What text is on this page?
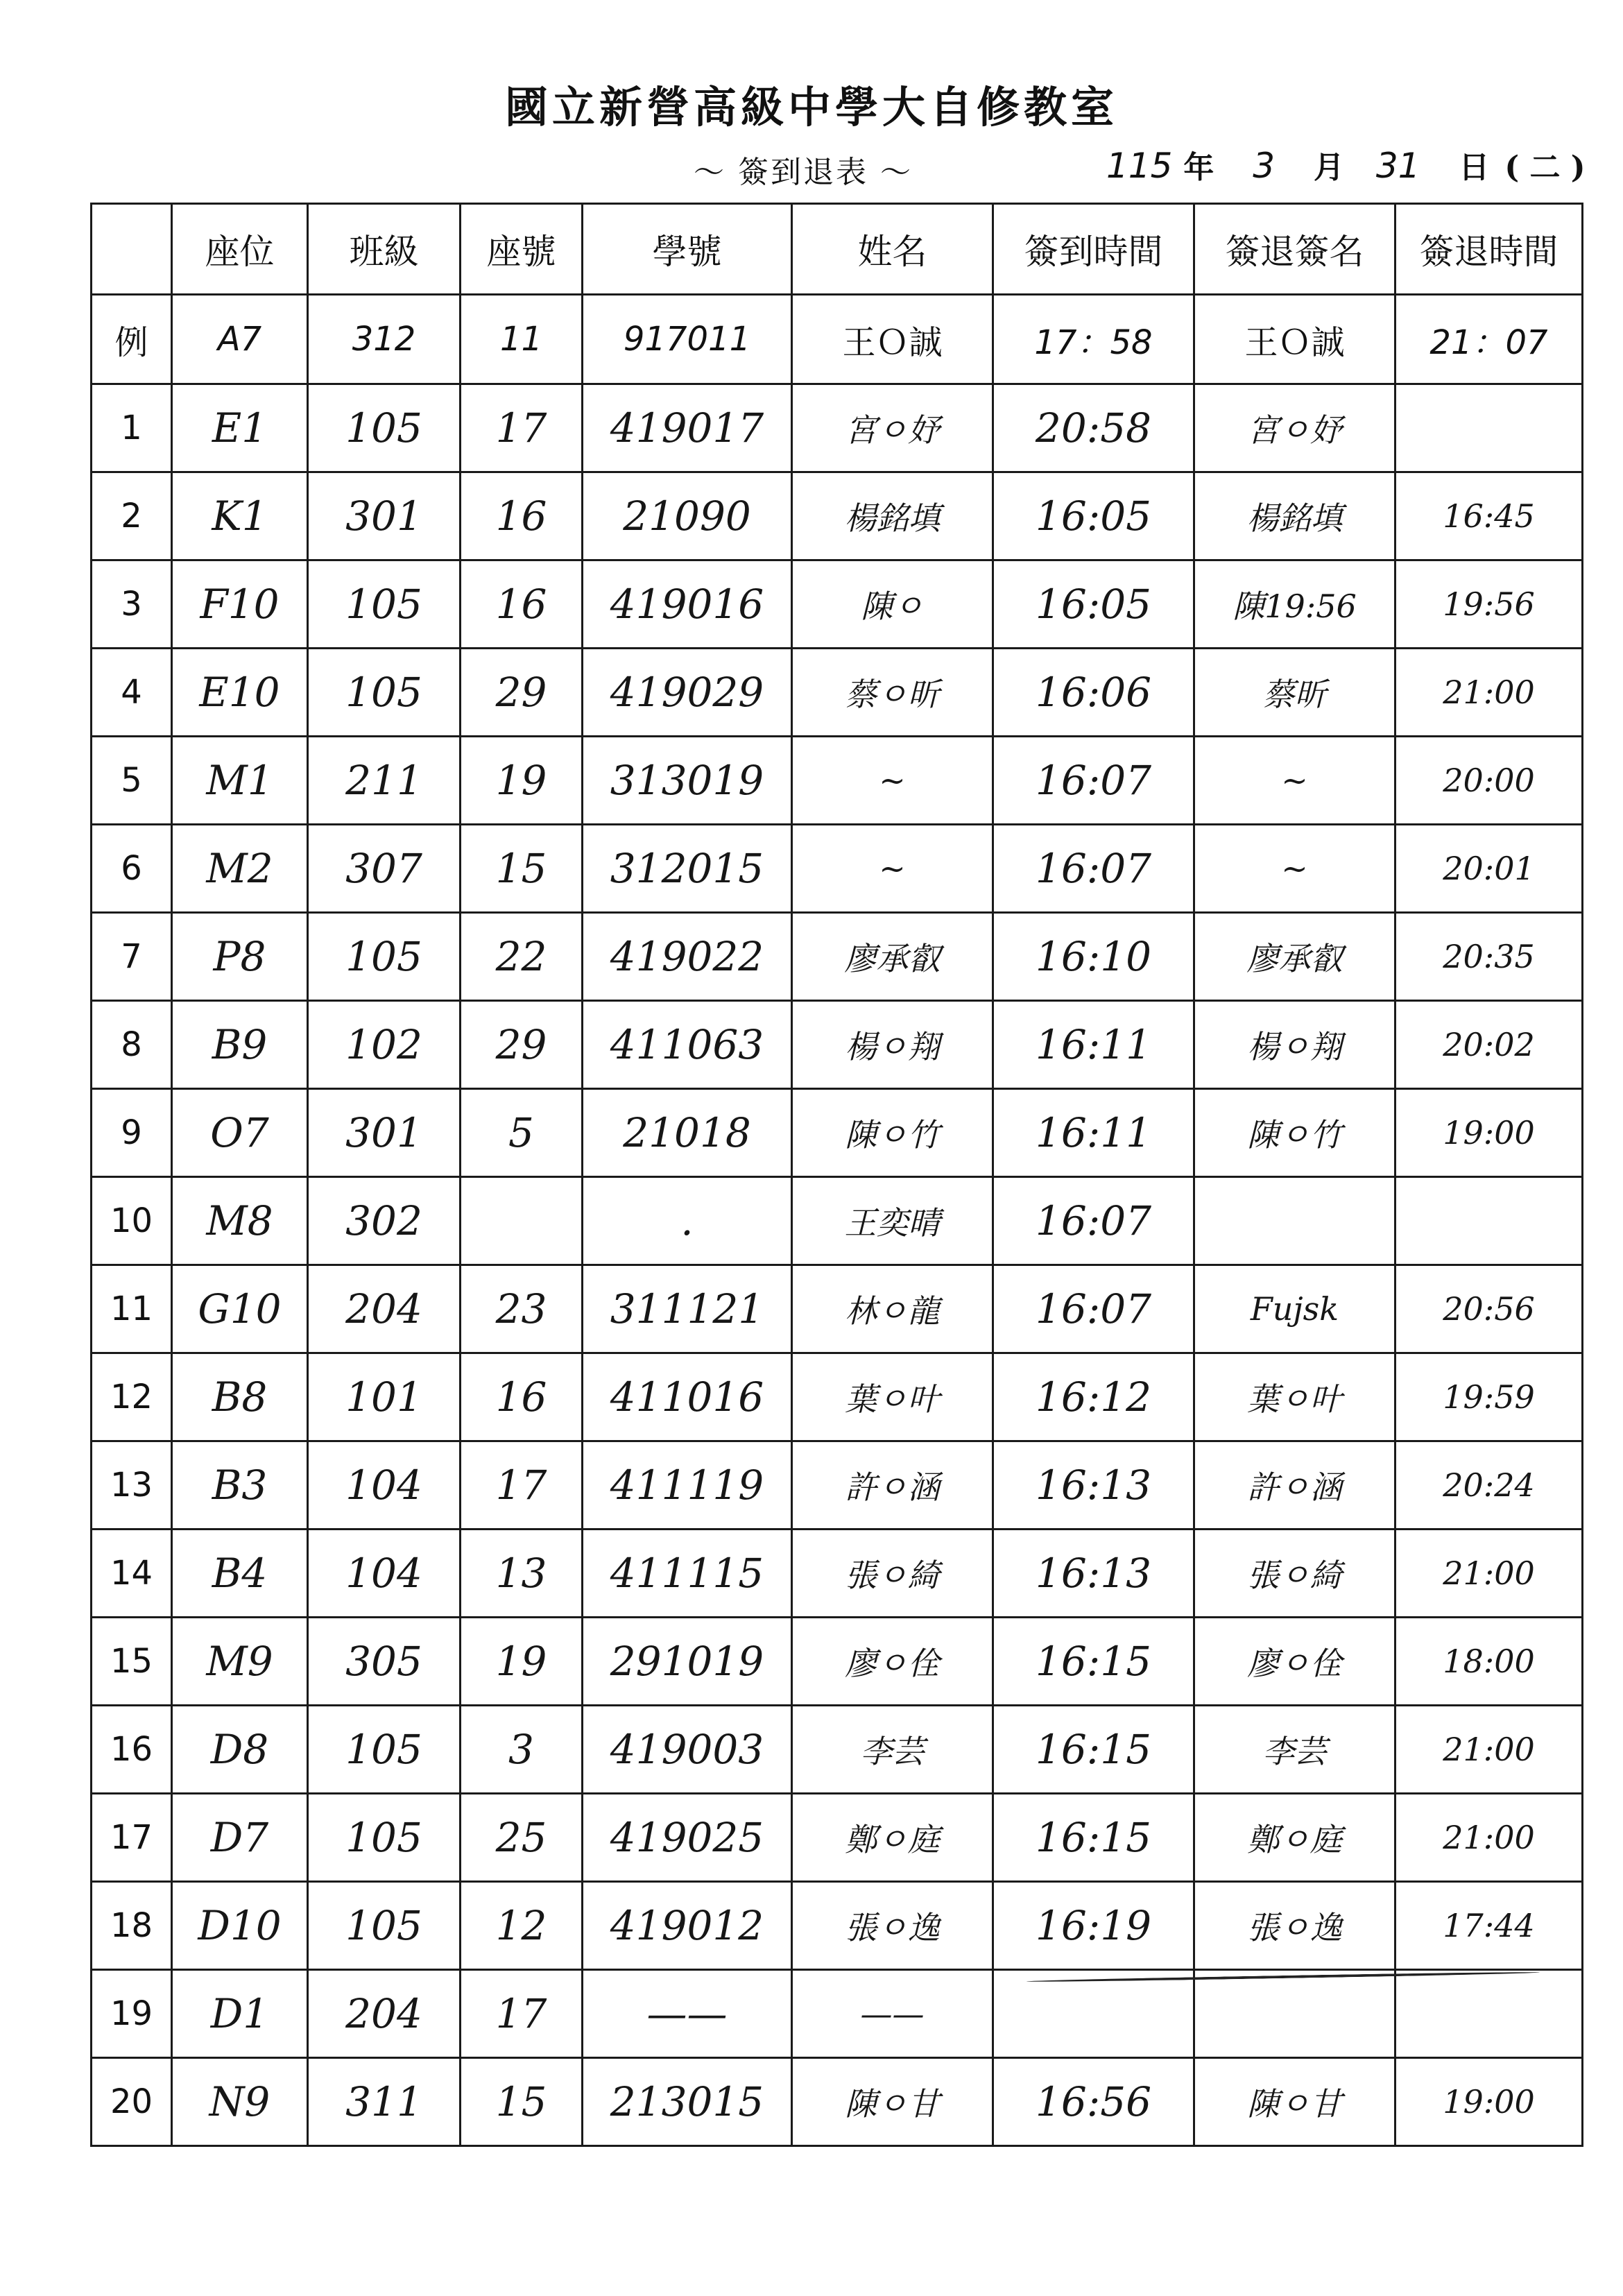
國立新營高級中學大自修教室
～ 簽到退表 ～	115 年 3 月 31 日 ( 二 )
	座位	班級	座號	學號	姓名	簽到時間	簽退簽名	簽退時間
例	A7	312	11	917011	王Ｏ誠	17：58	王Ｏ誠	21：07
1	E1	105	17	419017	宮ㅇ妤	20:58	宮ㅇ妤	
2	K1	301	16	21090	楊銘填	16:05	楊銘填	16:45
3	F10	105	16	419016	陳ㅇ	16:05	陳19:56	19:56
4	E10	105	29	419029	蔡ㅇ昕	16:06	蔡昕	21:00
5	M1	211	19	313019	~	16:07	~	20:00
6	M2	307	15	312015	~	16:07	~	20:01
7	P8	105	22	419022	廖承叡	16:10	廖承叡	20:35
8	B9	102	29	411063	楊ㅇ翔	16:11	楊ㅇ翔	20:02
9	O7	301	5	21018	陳ㅇ竹	16:11	陳ㅇ竹	19:00
10	M8	302		.	王奕晴	16:07		
11	G10	204	23	311121	林ㅇ龍	16:07	Fujsk	20:56
12	B8	101	16	411016	葉ㅇ叶	16:12	葉ㅇ叶	19:59
13	B3	104	17	411119	許ㅇ涵	16:13	許ㅇ涵	20:24
14	B4	104	13	411115	張ㅇ綺	16:13	張ㅇ綺	21:00
15	M9	305	19	291019	廖ㅇ佺	16:15	廖ㅇ佺	18:00
16	D8	105	3	419003	李芸	16:15	李芸	21:00
17	D7	105	25	419025	鄭ㅇ庭	16:15	鄭ㅇ庭	21:00
18	D10	105	12	419012	張ㅇ逸	16:19	張ㅇ逸	17:44
19	D1	204	17	——	——			
20	N9	311	15	213015	陳ㅇ甘	16:56	陳ㅇ甘	19:00
